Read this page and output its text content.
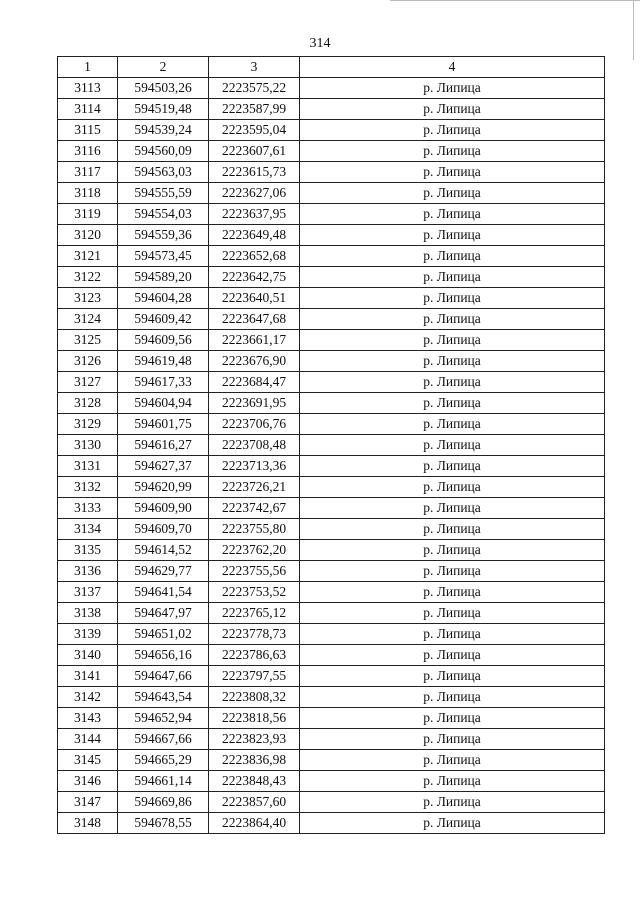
314
1	2	3	4
3113	594503,26	2223575,22	р. Липица
3114	594519,48	2223587,99	р. Липица
3115	594539,24	2223595,04	р. Липица
3116	594560,09	2223607,61	р. Липица
3117	594563,03	2223615,73	р. Липица
3118	594555,59	2223627,06	р. Липица
3119	594554,03	2223637,95	р. Липица
3120	594559,36	2223649,48	р. Липица
3121	594573,45	2223652,68	р. Липица
3122	594589,20	2223642,75	р. Липица
3123	594604,28	2223640,51	р. Липица
3124	594609,42	2223647,68	р. Липица
3125	594609,56	2223661,17	р. Липица
3126	594619,48	2223676,90	р. Липица
3127	594617,33	2223684,47	р. Липица
3128	594604,94	2223691,95	р. Липица
3129	594601,75	2223706,76	р. Липица
3130	594616,27	2223708,48	р. Липица
3131	594627,37	2223713,36	р. Липица
3132	594620,99	2223726,21	р. Липица
3133	594609,90	2223742,67	р. Липица
3134	594609,70	2223755,80	р. Липица
3135	594614,52	2223762,20	р. Липица
3136	594629,77	2223755,56	р. Липица
3137	594641,54	2223753,52	р. Липица
3138	594647,97	2223765,12	р. Липица
3139	594651,02	2223778,73	р. Липица
3140	594656,16	2223786,63	р. Липица
3141	594647,66	2223797,55	р. Липица
3142	594643,54	2223808,32	р. Липица
3143	594652,94	2223818,56	р. Липица
3144	594667,66	2223823,93	р. Липица
3145	594665,29	2223836,98	р. Липица
3146	594661,14	2223848,43	р. Липица
3147	594669,86	2223857,60	р. Липица
3148	594678,55	2223864,40	р. Липица
